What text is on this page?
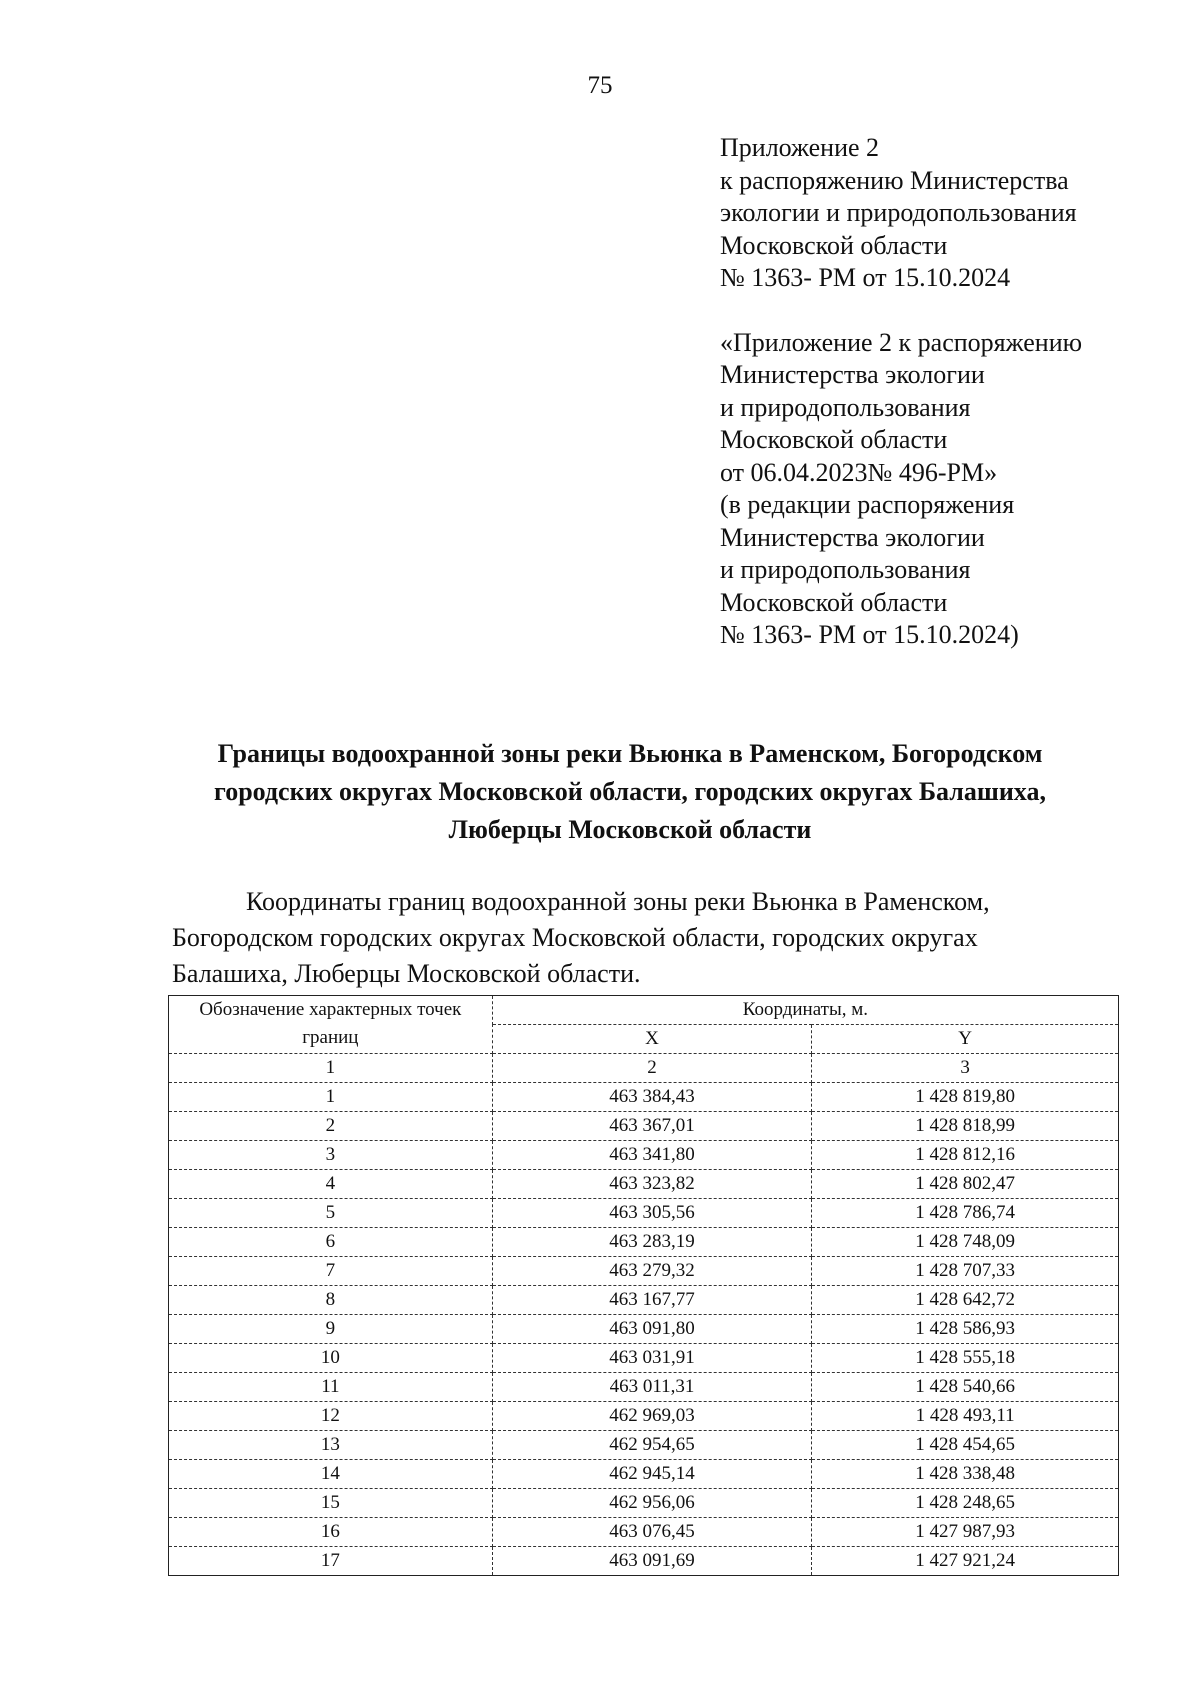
75
Приложение 2
к распоряжению Министерства
экологии и природопользования
Московской области
№ 1363- РМ от 15.10.2024
«Приложение 2 к распоряжению
Министерства экологии
и природопользования
Московской области
от 06.04.2023№ 496-РМ»
(в редакции распоряжения
Министерства экологии
и природопользования
Московской области
№ 1363- РМ от 15.10.2024)
Границы водоохранной зоны реки Вьюнка в Раменском, Богородском
городских округах Московской области, городских округах Балашиха,
Люберцы Московской области
Координаты границ водоохранной зоны реки Вьюнка в Раменском,
Богородском городских округах Московской области, городских округах
Балашиха, Люберцы Московской области.
Обозначение характерных точек
границ	Координаты, м.	
	X	Y
1	2	3
1	463 384,43	1 428 819,80
2	463 367,01	1 428 818,99
3	463 341,80	1 428 812,16
4	463 323,82	1 428 802,47
5	463 305,56	1 428 786,74
6	463 283,19	1 428 748,09
7	463 279,32	1 428 707,33
8	463 167,77	1 428 642,72
9	463 091,80	1 428 586,93
10	463 031,91	1 428 555,18
11	463 011,31	1 428 540,66
12	462 969,03	1 428 493,11
13	462 954,65	1 428 454,65
14	462 945,14	1 428 338,48
15	462 956,06	1 428 248,65
16	463 076,45	1 427 987,93
17	463 091,69	1 427 921,24
